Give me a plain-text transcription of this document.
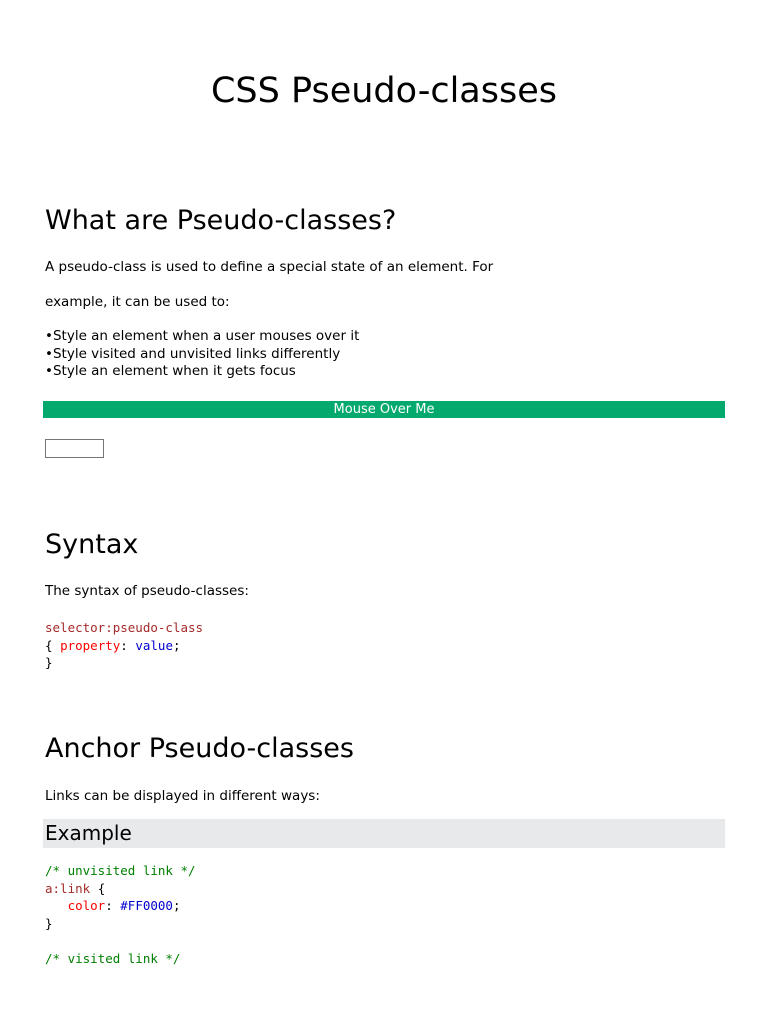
CSS Pseudo-classes
What are Pseudo-classes?

A pseudo-class is used to define a special state of an element. For

example, it can be used to:

•Style an element when a user mouses over it
•Style visited and unvisited links differently
•Style an element when it gets focus
Mouse Over Me
Syntax

The syntax of pseudo-classes:

selector:pseudo-class
{ property: value;
}
Anchor Pseudo-classes

Links can be displayed in different ways:

Example
/* unvisited link */
a:link {
color: #FF0000;
}

/* visited link */
